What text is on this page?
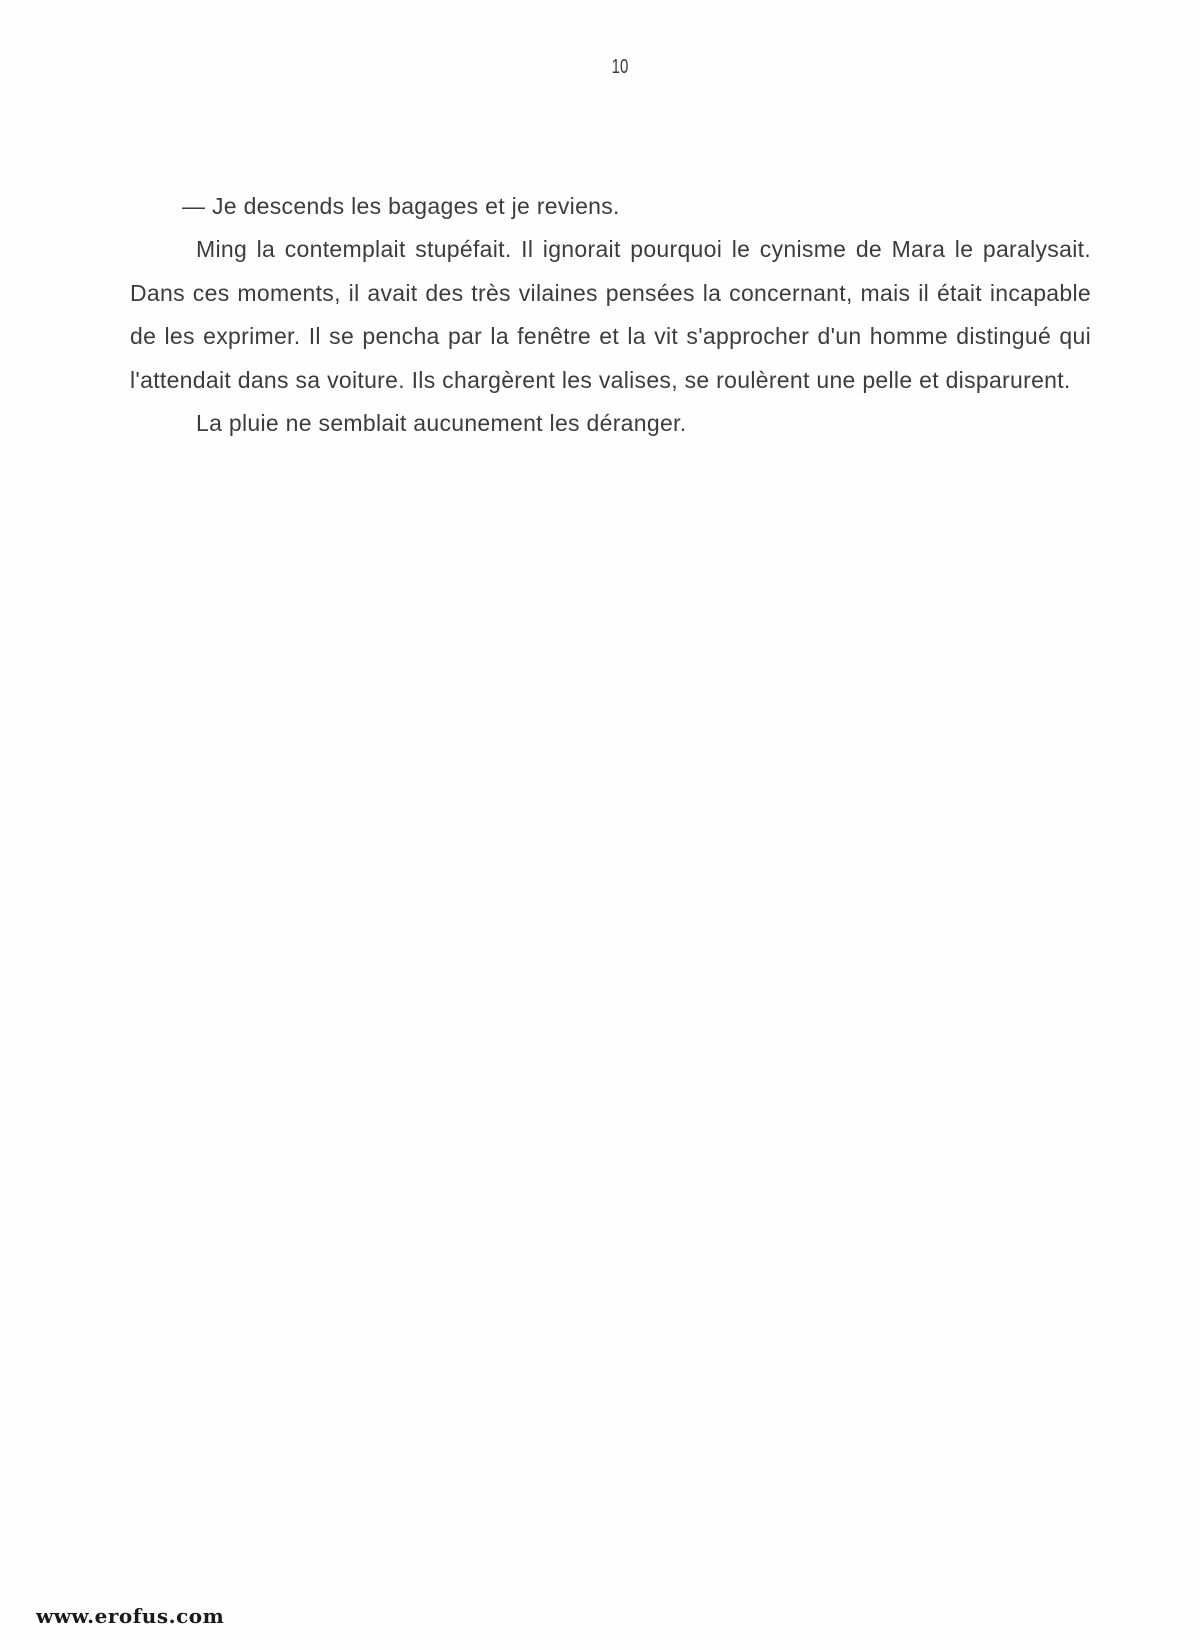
10

— Je descends les bagages et je reviens.

Ming la contemplait stupéfait. Il ignorait pourquoi le cynisme de Mara le paralysait. Dans ces moments, il avait des très vilaines pensées la concernant, mais il était incapable de les exprimer. Il se pencha par la fenêtre et la vit s'approcher d'un homme distingué qui l'attendait dans sa voiture. Ils chargèrent les valises, se roulèrent une pelle et disparurent.

La pluie ne semblait aucunement les déranger.

www.erofus.com
